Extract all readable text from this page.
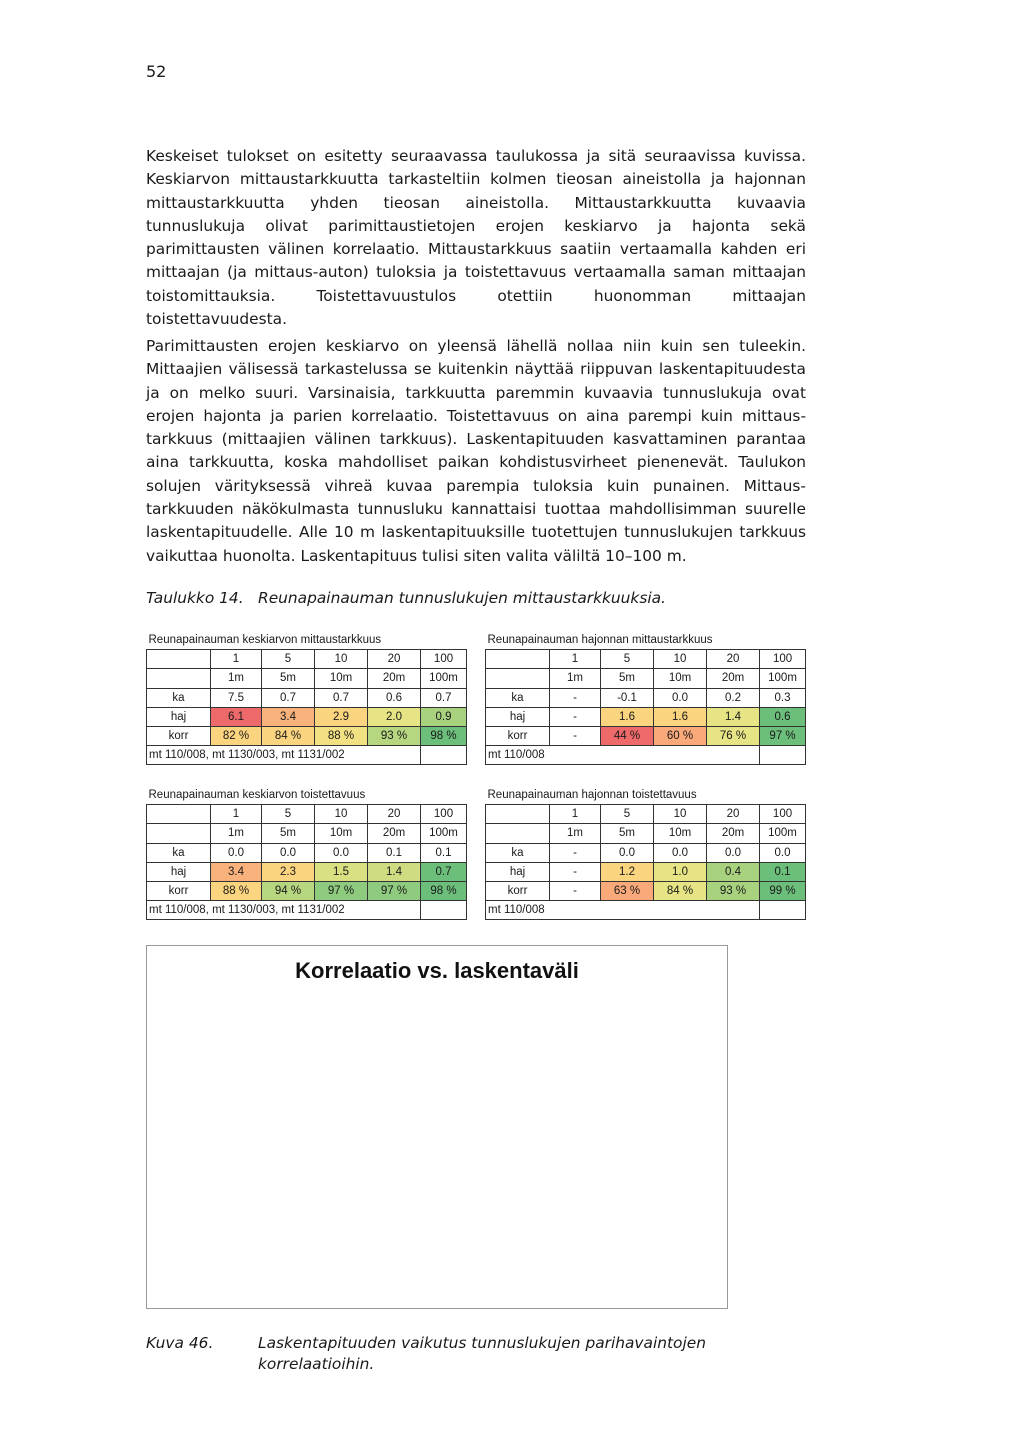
52
Keskeiset tulokset on esitetty seuraavassa taulukossa ja sitä seuraavissa kuvissa. Keskiarvon mittaustarkkuutta tarkasteltiin kolmen tieosan aineistolla ja hajonnan mittaustarkkuutta yhden tieosan aineistolla. Mittaustarkkuutta kuvaavia tunnuslukuja olivat parimittaustietojen erojen keskiarvo ja hajonta sekä parimittausten välinen korrelaatio. Mittaustarkkuus saatiin vertaamalla kahden eri mittaajan (ja mittaus-auton) tuloksia ja toistettavuus vertaamalla saman mittaajan toistomittauksia. Toistettavuustulos otettiin huonomman mittaajan toistettavuudesta.
Parimittausten erojen keskiarvo on yleensä lähellä nollaa niin kuin sen tuleekin. Mittaajien välisessä tarkastelussa se kuitenkin näyttää riippuvan laskentapituudesta ja on melko suuri. Varsinaisia, tarkkuutta paremmin kuvaavia tunnuslukuja ovat erojen hajonta ja parien korrelaatio. Toistettavuus on aina parempi kuin mittaus-tarkkuus (mittaajien välinen tarkkuus). Laskentapituuden kasvattaminen parantaa aina tarkkuutta, koska mahdolliset paikan kohdistusvirheet pienenevät. Taulukon solujen värityksessä vihreä kuvaa parempia tuloksia kuin punainen. Mittaus-tarkkuuden näkökulmasta tunnusluku kannattaisi tuottaa mahdollisimman suurelle laskentapituudelle. Alle 10 m laskentapituuksille tuotettujen tunnuslukujen tarkkuus vaikuttaa huonolta. Laskentapituus tulisi siten valita väliltä 10–100 m.
Taulukko 14. Reunapainauman tunnuslukujen mittaustarkkuuksia.
Reunapainauman keskiarvon mittaustarkkuus					
	1	5	10	20	100
	1m	5m	10m	20m	100m
ka	7.5	0.7	0.7	0.6	0.7
haj	6.1	3.4	2.9	2.0	0.9
korr	82 %	84 %	88 %	93 %	98 %
mt 110/008, mt 1130/003, mt 1131/002					
Reunapainauman hajonnan mittaustarkkuus					
	1	5	10	20	100
	1m	5m	10m	20m	100m
ka	-	-0.1	0.0	0.2	0.3
haj	-	1.6	1.6	1.4	0.6
korr	-	44 %	60 %	76 %	97 %
mt 110/008					
Reunapainauman keskiarvon toistettavuus					
	1	5	10	20	100
	1m	5m	10m	20m	100m
ka	0.0	0.0	0.0	0.1	0.1
haj	3.4	2.3	1.5	1.4	0.7
korr	88 %	94 %	97 %	97 %	98 %
mt 110/008, mt 1130/003, mt 1131/002					
Reunapainauman hajonnan toistettavuus					
	1	5	10	20	100
	1m	5m	10m	20m	100m
ka	-	0.0	0.0	0.0	0.0
haj	-	1.2	1.0	0.4	0.1
korr	-	63 %	84 %	93 %	99 %
mt 110/008					
Korrelaatio vs. laskentaväli
Kuva 46.	Laskentapituuden vaikutus tunnuslukujen parihavaintojen korrelaatioihin.
